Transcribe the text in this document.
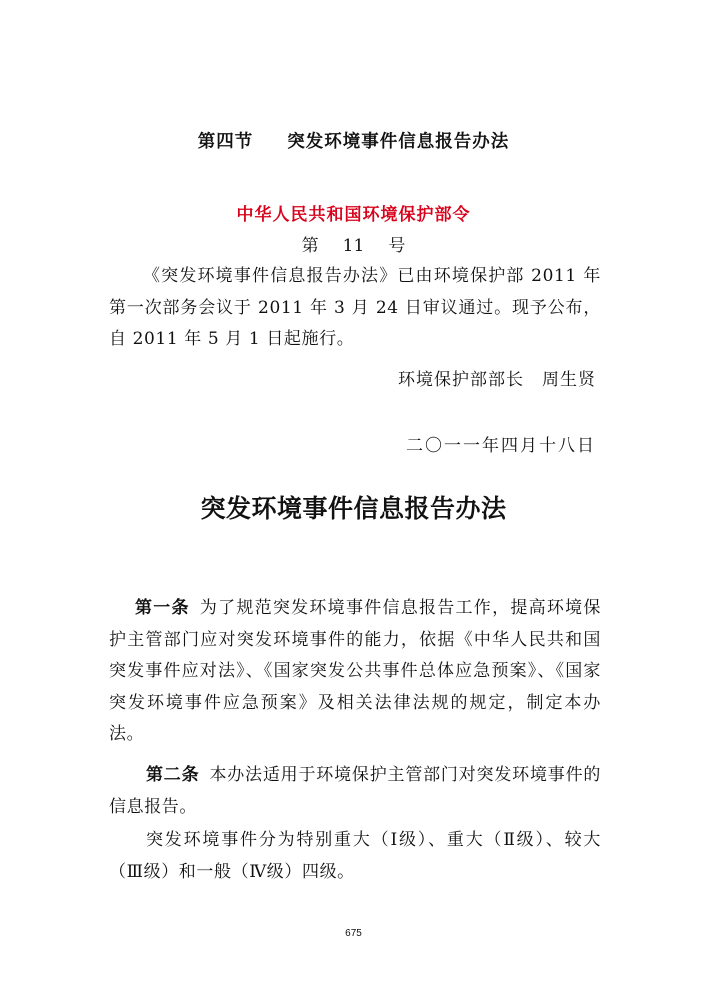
第四节 突发环境事件信息报告办法
中华人民共和国环境保护部令
第 11 号
《突发环境事件信息报告办法》已由环境保护部 2011 年第一次部务会议于 2011 年 3 月 24 日审议通过。现予公布，自 2011 年 5 月 1 日起施行。
环境保护部部长　周生贤
二〇一一年四月十八日
突发环境事件信息报告办法
第一条 为了规范突发环境事件信息报告工作，提高环境保护主管部门应对突发环境事件的能力，依据《中华人民共和国突发事件应对法》、《国家突发公共事件总体应急预案》、《国家突发环境事件应急预案》及相关法律法规的规定，制定本办法。
第二条 本办法适用于环境保护主管部门对突发环境事件的信息报告。
突发环境事件分为特别重大（Ⅰ级）、重大（Ⅱ级）、较大（Ⅲ级）和一般（Ⅳ级）四级。
675
